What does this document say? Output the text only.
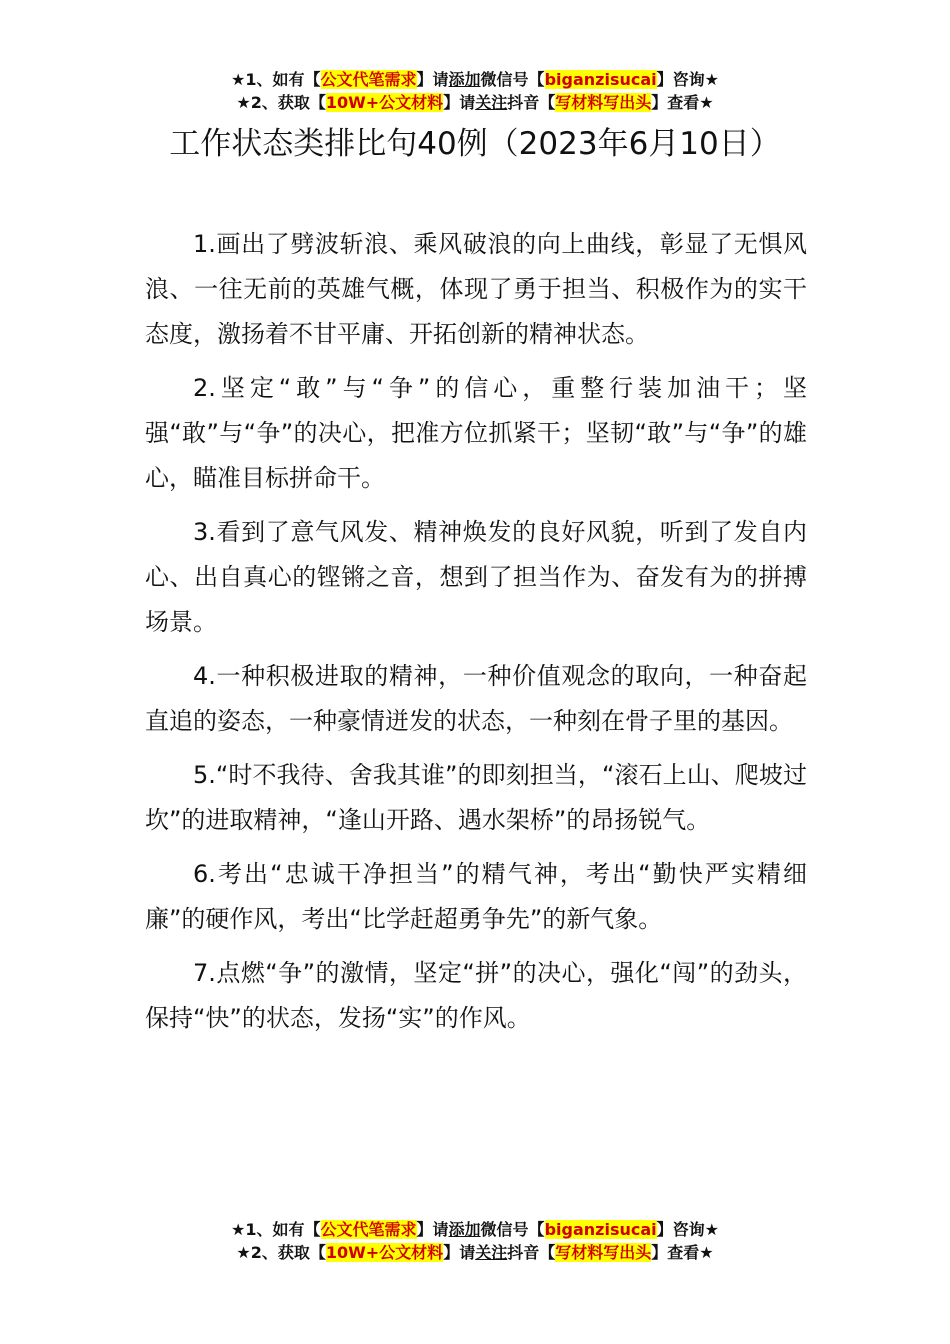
★1、如有【公文代笔需求】请添加微信号【biganzisucai】咨询★
★2、获取【10W+公文材料】请关注抖音【写材料写出头】查看★
工作状态类排比句40例（2023年6月10日）

1.画出了劈波斩浪、乘风破浪的向上曲线，彰显了无惧风浪、一往无前的英雄气概，体现了勇于担当、积极作为的实干态度，激扬着不甘平庸、开拓创新的精神状态。

2.坚定“敢”与“争”的信心，重整行装加油干；坚强“敢”与“争”的决心，把准方位抓紧干；坚韧“敢”与“争”的雄心，瞄准目标拼命干。

3.看到了意气风发、精神焕发的良好风貌，听到了发自内心、出自真心的铿锵之音，想到了担当作为、奋发有为的拼搏场景。

4.一种积极进取的精神，一种价值观念的取向，一种奋起直追的姿态，一种豪情迸发的状态，一种刻在骨子里的基因。

5.“时不我待、舍我其谁”的即刻担当，“滚石上山、爬坡过坎”的进取精神，“逢山开路、遇水架桥”的昂扬锐气。

6.考出“忠诚干净担当”的精气神，考出“勤快严实精细廉”的硬作风，考出“比学赶超勇争先”的新气象。

7.点燃“争”的激情，坚定“拼”的决心，强化“闯”的劲头，保持“快”的状态，发扬“实”的作风。

★1、如有【公文代笔需求】请添加微信号【biganzisucai】咨询★
★2、获取【10W+公文材料】请关注抖音【写材料写出头】查看★
